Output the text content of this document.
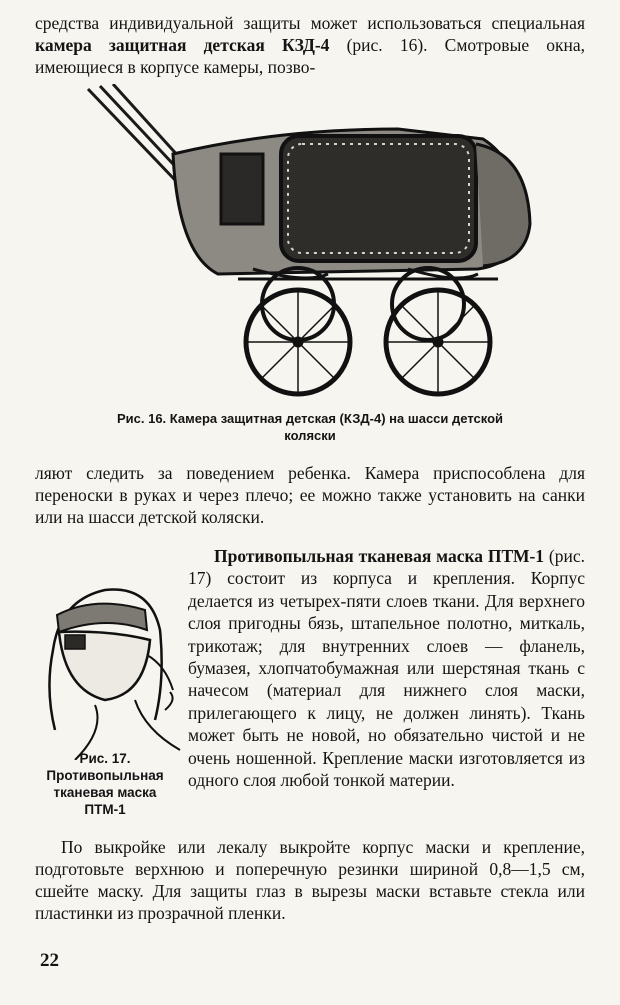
средства индивидуальной защиты может использоваться специальная камера защитная детская КЗД-4 (рис. 16). Смотровые окна, имеющиеся в корпусе камеры, позво-

Рис. 16. Камера защитная детская (КЗД-4) на шасси детской коляски

ляют следить за поведением ребенка. Камера приспособлена для переноски в руках и через плечо; ее можно также установить на санки или на шасси детской коляски.

Рис. 17. Противопыльная тканевая маска ПТМ-1

Противопыльная тканевая маска ПТМ-1 (рис. 17) состоит из корпуса и крепления. Корпус делается из четырех-пяти слоев ткани. Для верхнего слоя пригодны бязь, штапельное полотно, миткаль, трикотаж; для внутренних слоев — фланель, бумазея, хлопчатобумажная или шерстяная ткань с начесом (материал для нижнего слоя маски, прилегающего к лицу, не должен линять). Ткань может быть не новой, но обязательно чистой и не очень ношенной. Крепление маски изготовляется из одного слоя любой тонкой материи.

По выкройке или лекалу выкройте корпус маски и крепление, подготовьте верхнюю и поперечную резинки шириной 0,8—1,5 см, сшейте маску. Для защиты глаз в вырезы маски вставьте стекла или пластинки из прозрачной пленки.

22
